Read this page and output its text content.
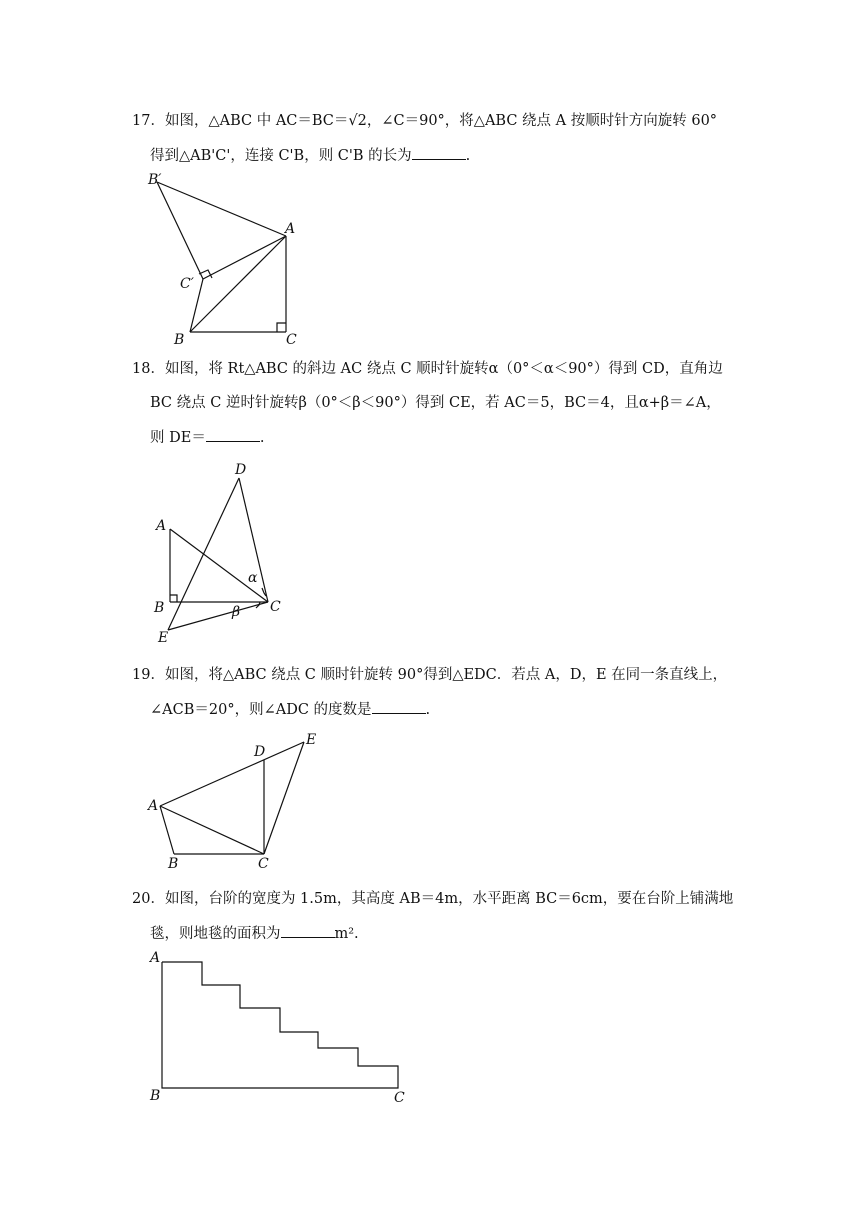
17．如图，△ABC 中 AC＝BC＝√2，∠C＝90°，将△ABC 绕点 A 按顺时针方向旋转 60°
得到△AB'C'，连接 C'B，则 C'B 的长为	.
B′
A
C′
B	C
18．如图，将 Rt△ABC 的斜边 AC 绕点 C 顺时针旋转α（0°＜α＜90°）得到 CD，直角边
BC 绕点 C 逆时针旋转β（0°＜β＜90°）得到 CE，若 AC＝5，BC＝4，且α+β＝∠A，
则 DE＝	.
α
D
A
B	β C
E
19．如图，将△ABC 绕点 C 顺时针旋转 90°得到△EDC．若点 A，D，E 在同一条直线上，
∠ACB＝20°，则∠ADC 的度数是	.
D
E
A
B	C
20．如图，台阶的宽度为 1.5m，其高度 AB＝4m，水平距离 BC＝6cm，要在台阶上铺满地
毯，则地毯的面积为	m².
A
B	C
